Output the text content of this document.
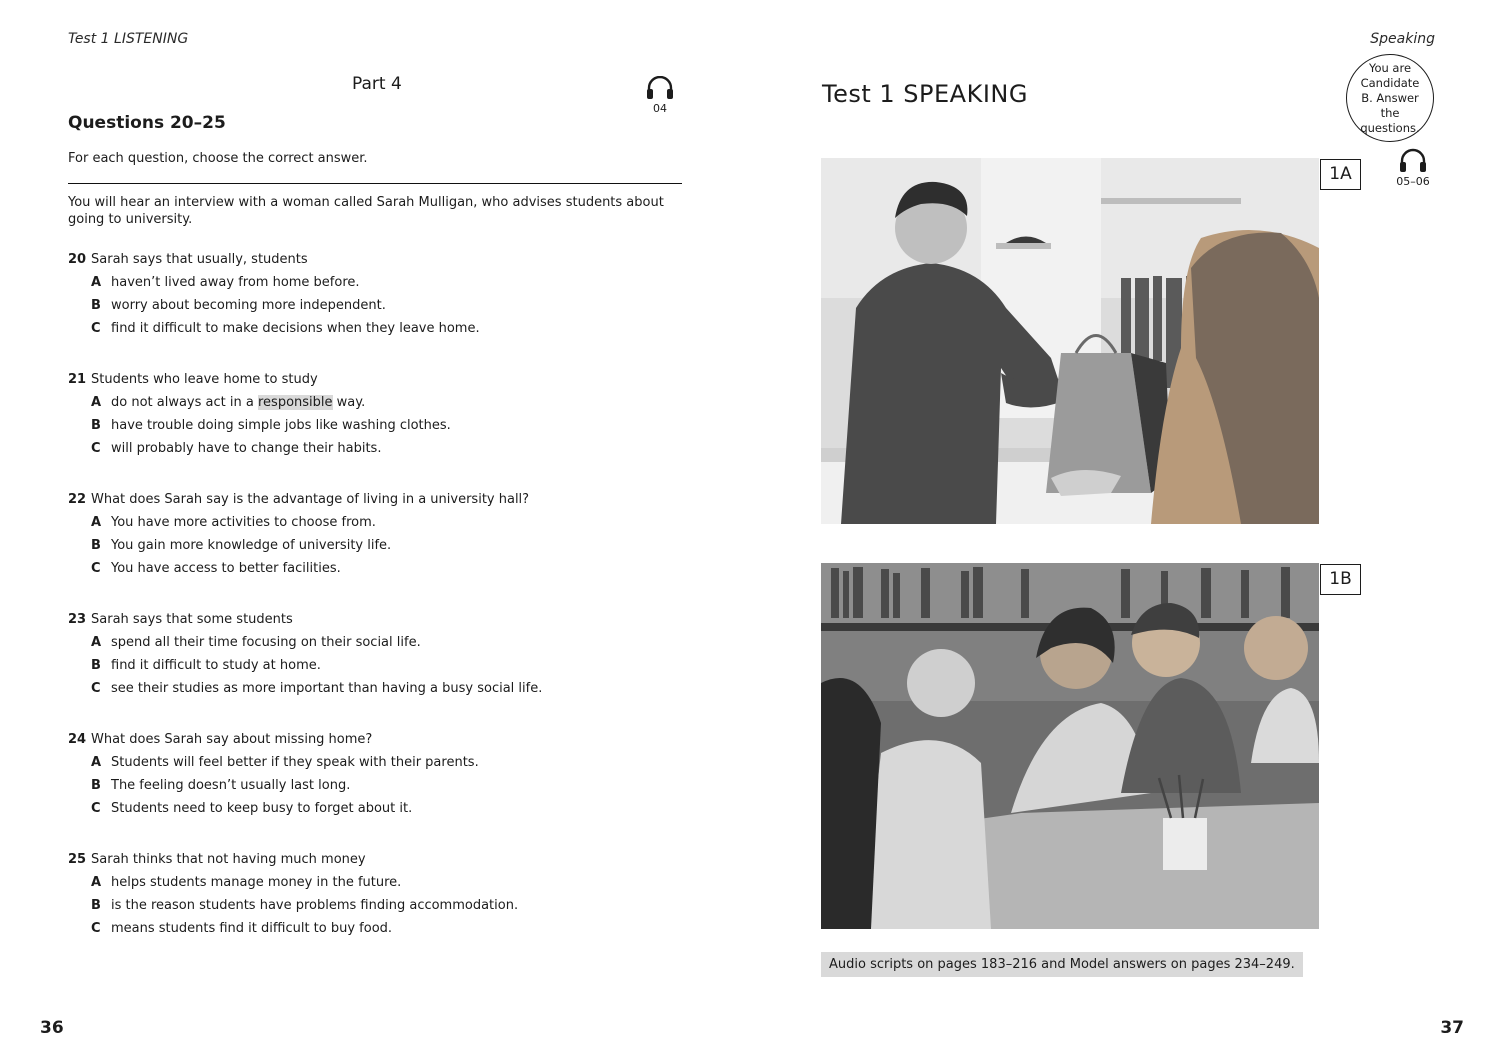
Test 1 LISTENING
Part 4
04
Questions 20–25
For each question, choose the correct answer.
You will hear an interview with a woman called Sarah Mulligan, who advises students about going to university.
20 Sarah says that usually, students
A haven’t lived away from home before.
B worry about becoming more independent.
C find it difficult to make decisions when they leave home.
21 Students who leave home to study
A do not always act in a responsible way.
B have trouble doing simple jobs like washing clothes.
C will probably have to change their habits.
22 What does Sarah say is the advantage of living in a university hall?
A You have more activities to choose from.
B You gain more knowledge of university life.
C You have access to better facilities.
23 Sarah says that some students
A spend all their time focusing on their social life.
B find it difficult to study at home.
C see their studies as more important than having a busy social life.
24 What does Sarah say about missing home?
A Students will feel better if they speak with their parents.
B The feeling doesn’t usually last long.
C Students need to keep busy to forget about it.
25 Sarah thinks that not having much money
A helps students manage money in the future.
B is the reason students have problems finding accommodation.
C means students find it difficult to buy food.
36
Speaking
Test 1 SPEAKING
You are Candidate B. Answer the questions.
05–06
1A
1B
Audio scripts on pages 183–216 and Model answers on pages 234–249.
37
